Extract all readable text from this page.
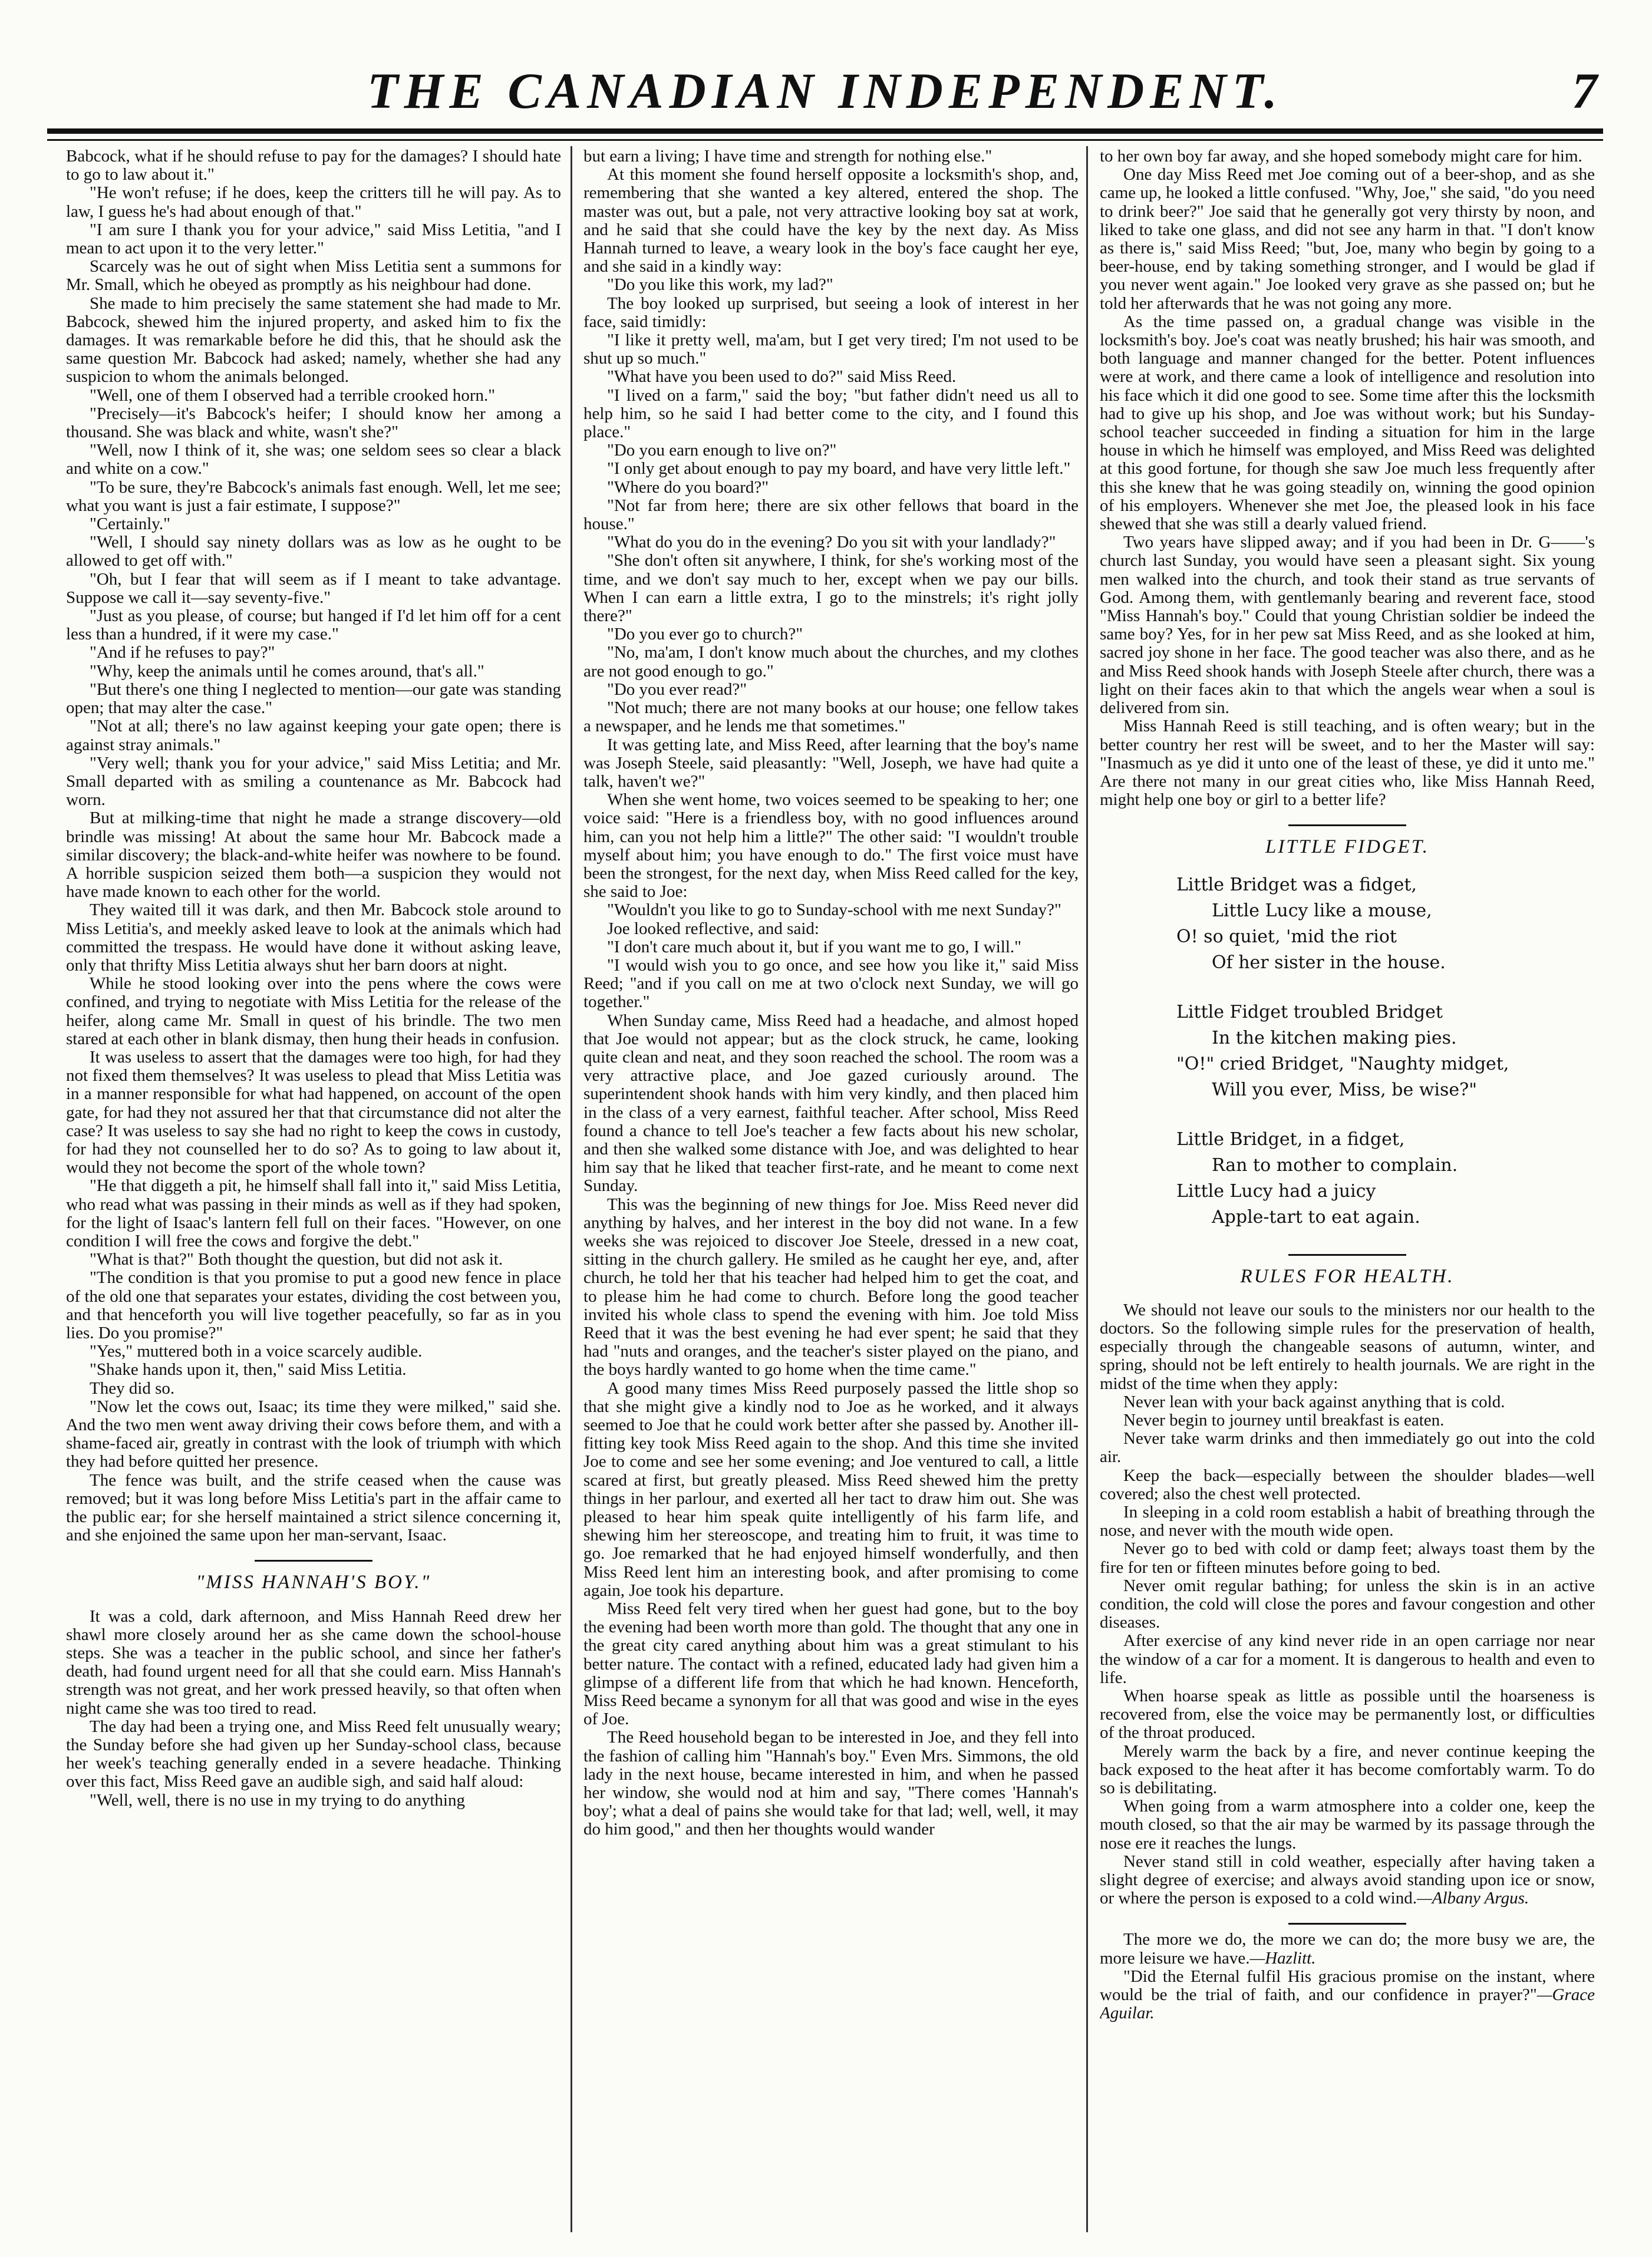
THE CANADIAN INDEPENDENT.	7

Babcock, what if he should refuse to pay for the damages? I should hate to go to law about it."

"He won't refuse; if he does, keep the critters till he will pay. As to law, I guess he's had about enough of that."

"I am sure I thank you for your advice," said Miss Letitia, "and I mean to act upon it to the very letter."

Scarcely was he out of sight when Miss Letitia sent a summons for Mr. Small, which he obeyed as promptly as his neighbour had done.

She made to him precisely the same statement she had made to Mr. Babcock, shewed him the injured property, and asked him to fix the damages. It was remarkable before he did this, that he should ask the same question Mr. Babcock had asked; namely, whether she had any suspicion to whom the animals belonged.

"Well, one of them I observed had a terrible crooked horn."

"Precisely—it's Babcock's heifer; I should know her among a thousand. She was black and white, wasn't she?"

"Well, now I think of it, she was; one seldom sees so clear a black and white on a cow."

"To be sure, they're Babcock's animals fast enough. Well, let me see; what you want is just a fair estimate, I suppose?"

"Certainly."

"Well, I should say ninety dollars was as low as he ought to be allowed to get off with."

"Oh, but I fear that will seem as if I meant to take advantage. Suppose we call it—say seventy-five."

"Just as you please, of course; but hanged if I'd let him off for a cent less than a hundred, if it were my case."

"And if he refuses to pay?"

"Why, keep the animals until he comes around, that's all."

"But there's one thing I neglected to mention—our gate was standing open; that may alter the case."

"Not at all; there's no law against keeping your gate open; there is against stray animals."

"Very well; thank you for your advice," said Miss Letitia; and Mr. Small departed with as smiling a countenance as Mr. Babcock had worn.

But at milking-time that night he made a strange discovery—old brindle was missing! At about the same hour Mr. Babcock made a similar discovery; the black-and-white heifer was nowhere to be found. A horrible suspicion seized them both—a suspicion they would not have made known to each other for the world.

They waited till it was dark, and then Mr. Babcock stole around to Miss Letitia's, and meekly asked leave to look at the animals which had committed the trespass. He would have done it without asking leave, only that thrifty Miss Letitia always shut her barn doors at night.

While he stood looking over into the pens where the cows were confined, and trying to negotiate with Miss Letitia for the release of the heifer, along came Mr. Small in quest of his brindle. The two men stared at each other in blank dismay, then hung their heads in confusion.

It was useless to assert that the damages were too high, for had they not fixed them themselves? It was useless to plead that Miss Letitia was in a manner responsible for what had happened, on account of the open gate, for had they not assured her that that circumstance did not alter the case? It was useless to say she had no right to keep the cows in custody, for had they not counselled her to do so? As to going to law about it, would they not become the sport of the whole town?

"He that diggeth a pit, he himself shall fall into it," said Miss Letitia, who read what was passing in their minds as well as if they had spoken, for the light of Isaac's lantern fell full on their faces. "However, on one condition I will free the cows and forgive the debt."

"What is that?" Both thought the question, but did not ask it.

"The condition is that you promise to put a good new fence in place of the old one that separates your estates, dividing the cost between you, and that henceforth you will live together peacefully, so far as in you lies. Do you promise?"

"Yes," muttered both in a voice scarcely audible.

"Shake hands upon it, then," said Miss Letitia.

They did so.

"Now let the cows out, Isaac; its time they were milked," said she. And the two men went away driving their cows before them, and with a shame-faced air, greatly in contrast with the look of triumph with which they had before quitted her presence.

The fence was built, and the strife ceased when the cause was removed; but it was long before Miss Letitia's part in the affair came to the public ear; for she herself maintained a strict silence concerning it, and she enjoined the same upon her man-servant, Isaac.

"MISS HANNAH'S BOY."

It was a cold, dark afternoon, and Miss Hannah Reed drew her shawl more closely around her as she came down the school-house steps. She was a teacher in the public school, and since her father's death, had found urgent need for all that she could earn. Miss Hannah's strength was not great, and her work pressed heavily, so that often when night came she was too tired to read.

The day had been a trying one, and Miss Reed felt unusually weary; the Sunday before she had given up her Sunday-school class, because her week's teaching generally ended in a severe headache. Thinking over this fact, Miss Reed gave an audible sigh, and said half aloud:

"Well, well, there is no use in my trying to do anything

but earn a living; I have time and strength for nothing else."

At this moment she found herself opposite a locksmith's shop, and, remembering that she wanted a key altered, entered the shop. The master was out, but a pale, not very attractive looking boy sat at work, and he said that she could have the key by the next day. As Miss Hannah turned to leave, a weary look in the boy's face caught her eye, and she said in a kindly way:

"Do you like this work, my lad?"

The boy looked up surprised, but seeing a look of interest in her face, said timidly:

"I like it pretty well, ma'am, but I get very tired; I'm not used to be shut up so much."

"What have you been used to do?" said Miss Reed.

"I lived on a farm," said the boy; "but father didn't need us all to help him, so he said I had better come to the city, and I found this place."

"Do you earn enough to live on?"

"I only get about enough to pay my board, and have very little left."

"Where do you board?"

"Not far from here; there are six other fellows that board in the house."

"What do you do in the evening? Do you sit with your landlady?"

"She don't often sit anywhere, I think, for she's working most of the time, and we don't say much to her, except when we pay our bills. When I can earn a little extra, I go to the minstrels; it's right jolly there?"

"Do you ever go to church?"

"No, ma'am, I don't know much about the churches, and my clothes are not good enough to go."

"Do you ever read?"

"Not much; there are not many books at our house; one fellow takes a newspaper, and he lends me that sometimes."

It was getting late, and Miss Reed, after learning that the boy's name was Joseph Steele, said pleasantly: "Well, Joseph, we have had quite a talk, haven't we?"

When she went home, two voices seemed to be speaking to her; one voice said: "Here is a friendless boy, with no good influences around him, can you not help him a little?" The other said: "I wouldn't trouble myself about him; you have enough to do." The first voice must have been the strongest, for the next day, when Miss Reed called for the key, she said to Joe:

"Wouldn't you like to go to Sunday-school with me next Sunday?"

Joe looked reflective, and said:

"I don't care much about it, but if you want me to go, I will."

"I would wish you to go once, and see how you like it," said Miss Reed; "and if you call on me at two o'clock next Sunday, we will go together."

When Sunday came, Miss Reed had a headache, and almost hoped that Joe would not appear; but as the clock struck, he came, looking quite clean and neat, and they soon reached the school. The room was a very attractive place, and Joe gazed curiously around. The superintendent shook hands with him very kindly, and then placed him in the class of a very earnest, faithful teacher. After school, Miss Reed found a chance to tell Joe's teacher a few facts about his new scholar, and then she walked some distance with Joe, and was delighted to hear him say that he liked that teacher first-rate, and he meant to come next Sunday.

This was the beginning of new things for Joe. Miss Reed never did anything by halves, and her interest in the boy did not wane. In a few weeks she was rejoiced to discover Joe Steele, dressed in a new coat, sitting in the church gallery. He smiled as he caught her eye, and, after church, he told her that his teacher had helped him to get the coat, and to please him he had come to church. Before long the good teacher invited his whole class to spend the evening with him. Joe told Miss Reed that it was the best evening he had ever spent; he said that they had "nuts and oranges, and the teacher's sister played on the piano, and the boys hardly wanted to go home when the time came."

A good many times Miss Reed purposely passed the little shop so that she might give a kindly nod to Joe as he worked, and it always seemed to Joe that he could work better after she passed by. Another ill-fitting key took Miss Reed again to the shop. And this time she invited Joe to come and see her some evening; and Joe ventured to call, a little scared at first, but greatly pleased. Miss Reed shewed him the pretty things in her parlour, and exerted all her tact to draw him out. She was pleased to hear him speak quite intelligently of his farm life, and shewing him her stereoscope, and treating him to fruit, it was time to go. Joe remarked that he had enjoyed himself wonderfully, and then Miss Reed lent him an interesting book, and after promising to come again, Joe took his departure.

Miss Reed felt very tired when her guest had gone, but to the boy the evening had been worth more than gold. The thought that any one in the great city cared anything about him was a great stimulant to his better nature. The contact with a refined, educated lady had given him a glimpse of a different life from that which he had known. Henceforth, Miss Reed became a synonym for all that was good and wise in the eyes of Joe.

The Reed household began to be interested in Joe, and they fell into the fashion of calling him "Hannah's boy." Even Mrs. Simmons, the old lady in the next house, became interested in him, and when he passed her window, she would nod at him and say, "There comes 'Hannah's boy'; what a deal of pains she would take for that lad; well, well, it may do him good," and then her thoughts would wander

to her own boy far away, and she hoped somebody might care for him.

One day Miss Reed met Joe coming out of a beer-shop, and as she came up, he looked a little confused. "Why, Joe," she said, "do you need to drink beer?" Joe said that he generally got very thirsty by noon, and liked to take one glass, and did not see any harm in that. "I don't know as there is," said Miss Reed; "but, Joe, many who begin by going to a beer-house, end by taking something stronger, and I would be glad if you never went again." Joe looked very grave as she passed on; but he told her afterwards that he was not going any more.

As the time passed on, a gradual change was visible in the locksmith's boy. Joe's coat was neatly brushed; his hair was smooth, and both language and manner changed for the better. Potent influences were at work, and there came a look of intelligence and resolution into his face which it did one good to see. Some time after this the locksmith had to give up his shop, and Joe was without work; but his Sunday-school teacher succeeded in finding a situation for him in the large house in which he himself was employed, and Miss Reed was delighted at this good fortune, for though she saw Joe much less frequently after this she knew that he was going steadily on, winning the good opinion of his employers. Whenever she met Joe, the pleased look in his face shewed that she was still a dearly valued friend.

Two years have slipped away; and if you had been in Dr. G——'s church last Sunday, you would have seen a pleasant sight. Six young men walked into the church, and took their stand as true servants of God. Among them, with gentlemanly bearing and reverent face, stood "Miss Hannah's boy." Could that young Christian soldier be indeed the same boy? Yes, for in her pew sat Miss Reed, and as she looked at him, sacred joy shone in her face. The good teacher was also there, and as he and Miss Reed shook hands with Joseph Steele after church, there was a light on their faces akin to that which the angels wear when a soul is delivered from sin.

Miss Hannah Reed is still teaching, and is often weary; but in the better country her rest will be sweet, and to her the Master will say: "Inasmuch as ye did it unto one of the least of these, ye did it unto me." Are there not many in our great cities who, like Miss Hannah Reed, might help one boy or girl to a better life?

LITTLE FIDGET.
Little Bridget was a fidget,
Little Lucy like a mouse,
O! so quiet, 'mid the riot
Of her sister in the house.
Little Fidget troubled Bridget
In the kitchen making pies.
"O!" cried Bridget, "Naughty midget,
Will you ever, Miss, be wise?"
Little Bridget, in a fidget,
Ran to mother to complain.
Little Lucy had a juicy
Apple-tart to eat again.
RULES FOR HEALTH.

We should not leave our souls to the ministers nor our health to the doctors. So the following simple rules for the preservation of health, especially through the changeable seasons of autumn, winter, and spring, should not be left entirely to health journals. We are right in the midst of the time when they apply:

Never lean with your back against anything that is cold.

Never begin to journey until breakfast is eaten.

Never take warm drinks and then immediately go out into the cold air.

Keep the back—especially between the shoulder blades—well covered; also the chest well protected.

In sleeping in a cold room establish a habit of breathing through the nose, and never with the mouth wide open.

Never go to bed with cold or damp feet; always toast them by the fire for ten or fifteen minutes before going to bed.

Never omit regular bathing; for unless the skin is in an active condition, the cold will close the pores and favour congestion and other diseases.

After exercise of any kind never ride in an open carriage nor near the window of a car for a moment. It is dangerous to health and even to life.

When hoarse speak as little as possible until the hoarseness is recovered from, else the voice may be permanently lost, or difficulties of the throat produced.

Merely warm the back by a fire, and never continue keeping the back exposed to the heat after it has become comfortably warm. To do so is debilitating.

When going from a warm atmosphere into a colder one, keep the mouth closed, so that the air may be warmed by its passage through the nose ere it reaches the lungs.

Never stand still in cold weather, especially after having taken a slight degree of exercise; and always avoid standing upon ice or snow, or where the person is exposed to a cold wind.—Albany Argus.

The more we do, the more we can do; the more busy we are, the more leisure we have.—Hazlitt.

"Did the Eternal fulfil His gracious promise on the instant, where would be the trial of faith, and our confidence in prayer?"—Grace Aguilar.
